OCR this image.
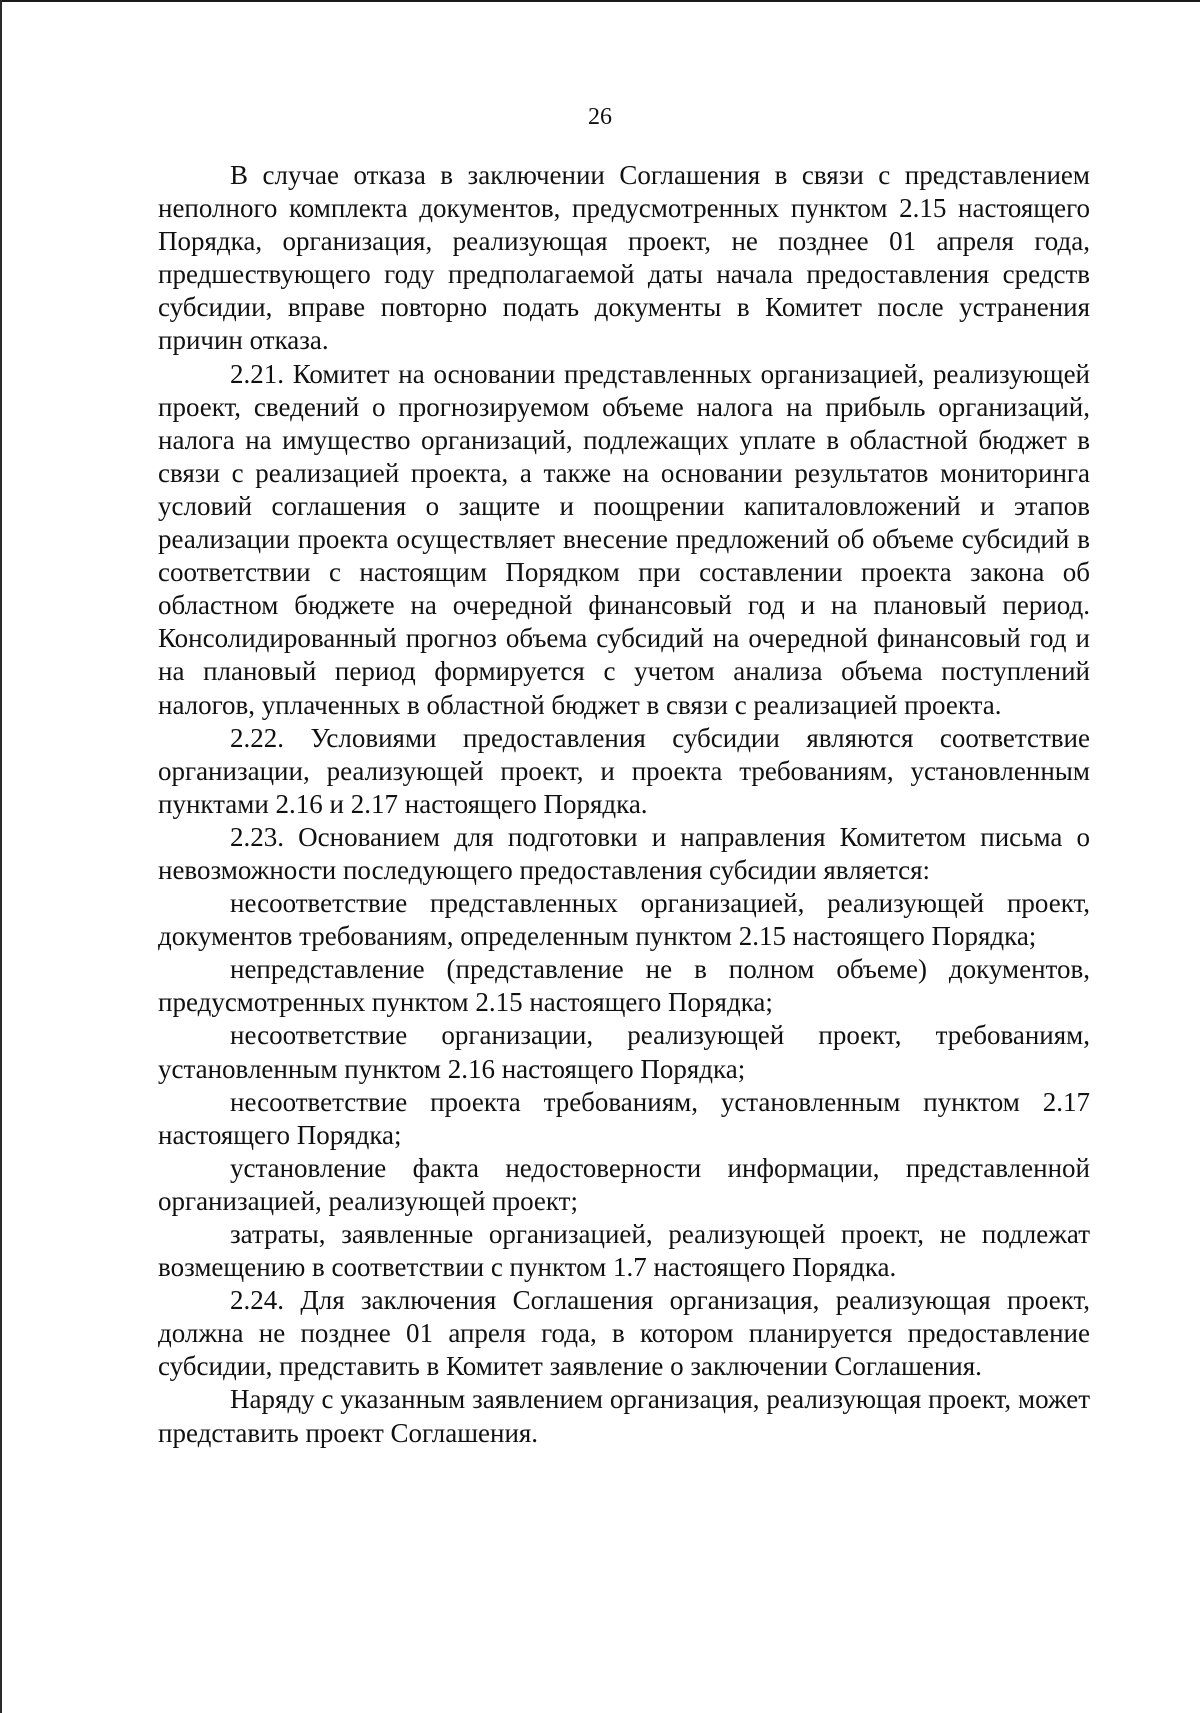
26

В случае отказа в заключении Соглашения в связи с представлением неполного комплекта документов, предусмотренных пунктом 2.15 настоящего Порядка, организация, реализующая проект, не позднее 01 апреля года, предшествующего году предполагаемой даты начала предоставления средств субсидии, вправе повторно подать документы в Комитет после устранения причин отказа.

2.21. Комитет на основании представленных организацией, реализующей проект, сведений о прогнозируемом объеме налога на прибыль организаций, налога на имущество организаций, подлежащих уплате в областной бюджет в связи с реализацией проекта, а также на основании результатов мониторинга условий соглашения о защите и поощрении капиталовложений и этапов реализации проекта осуществляет внесение предложений об объеме субсидий в соответствии с настоящим Порядком при составлении проекта закона об областном бюджете на очередной финансовый год и на плановый период. Консолидированный прогноз объема субсидий на очередной финансовый год и на плановый период формируется с учетом анализа объема поступлений налогов, уплаченных в областной бюджет в связи с реализацией проекта.

2.22. Условиями предоставления субсидии являются соответствие организации, реализующей проект, и проекта требованиям, установленным пунктами 2.16 и 2.17 настоящего Порядка.

2.23. Основанием для подготовки и направления Комитетом письма о невозможности последующего предоставления субсидии является:

несоответствие представленных организацией, реализующей проект, документов требованиям, определенным пунктом 2.15 настоящего Порядка;

непредставление (представление не в полном объеме) документов, предусмотренных пунктом 2.15 настоящего Порядка;

несоответствие организации, реализующей проект, требованиям, установленным пунктом 2.16 настоящего Порядка;

несоответствие проекта требованиям, установленным пунктом 2.17 настоящего Порядка;

установление факта недостоверности информации, представленной организацией, реализующей проект;

затраты, заявленные организацией, реализующей проект, не подлежат возмещению в соответствии с пунктом 1.7 настоящего Порядка.

2.24. Для заключения Соглашения организация, реализующая проект, должна не позднее 01 апреля года, в котором планируется предоставление субсидии, представить в Комитет заявление о заключении Соглашения.

Наряду с указанным заявлением организация, реализующая проект, может представить проект Соглашения.
